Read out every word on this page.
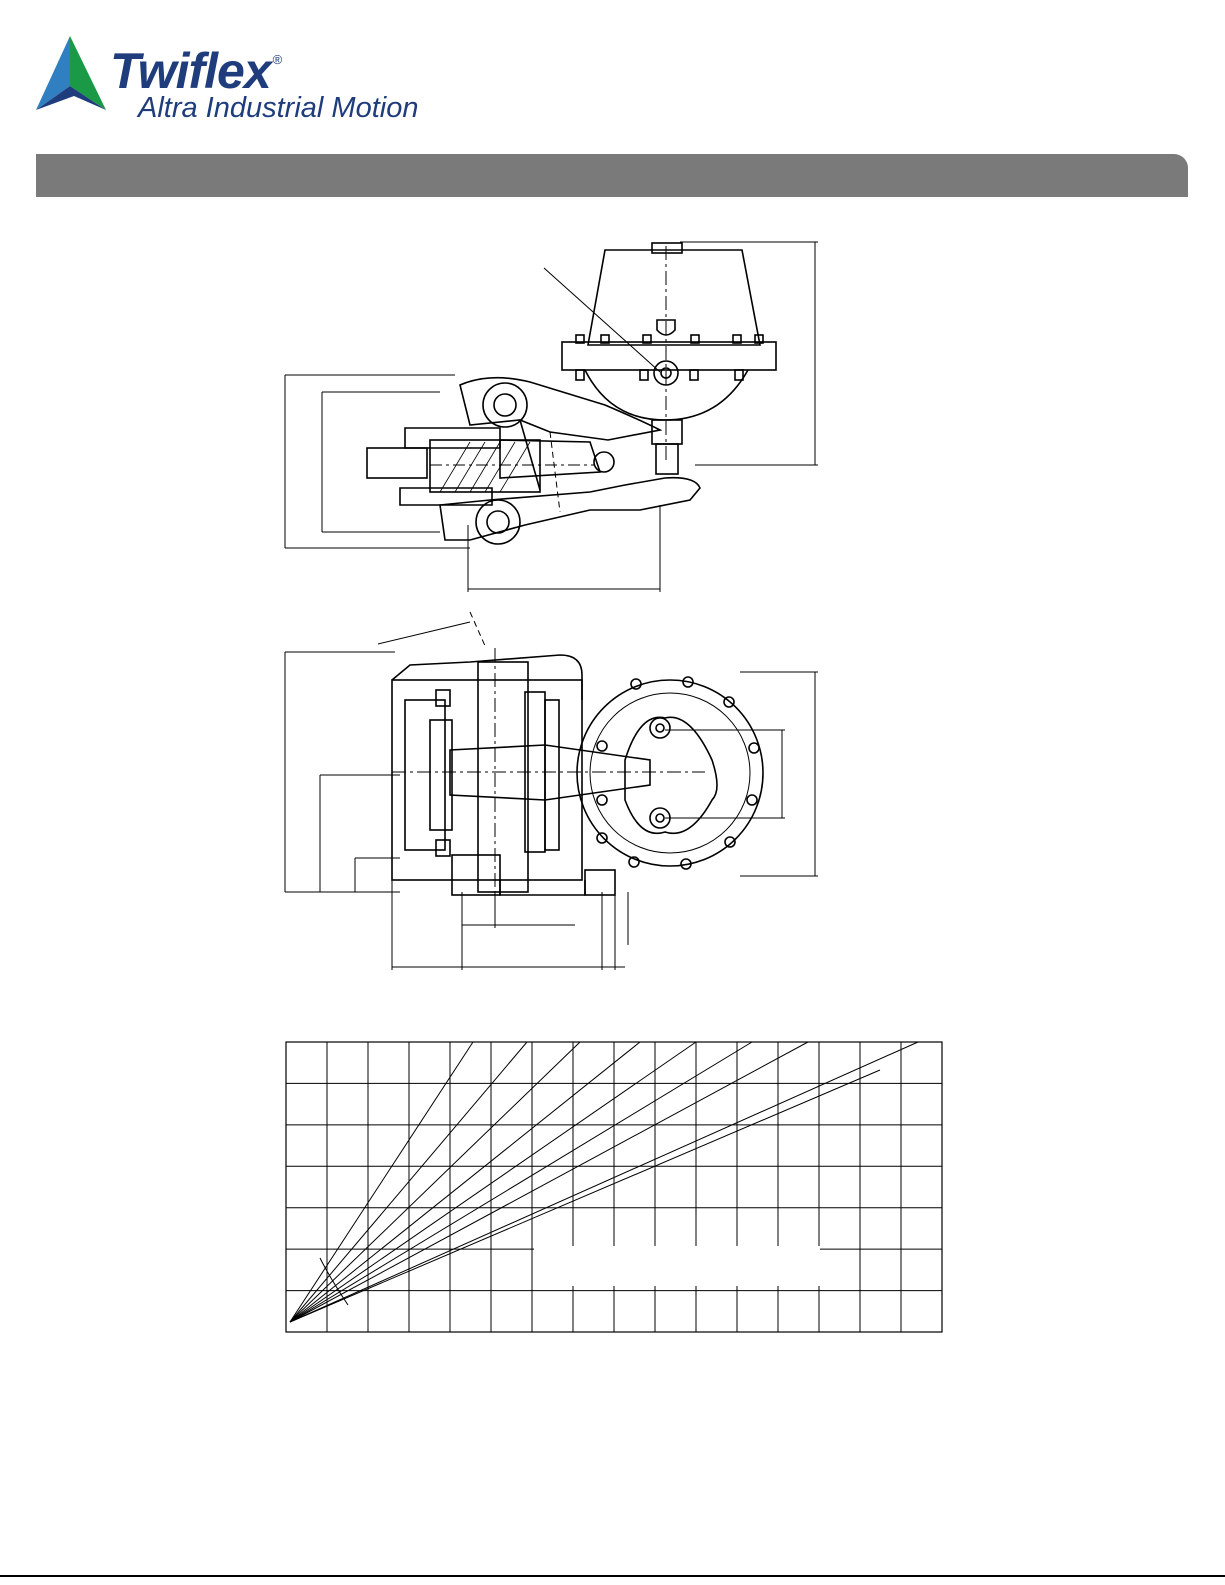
Twiflex ®
Altra Industrial Motion
